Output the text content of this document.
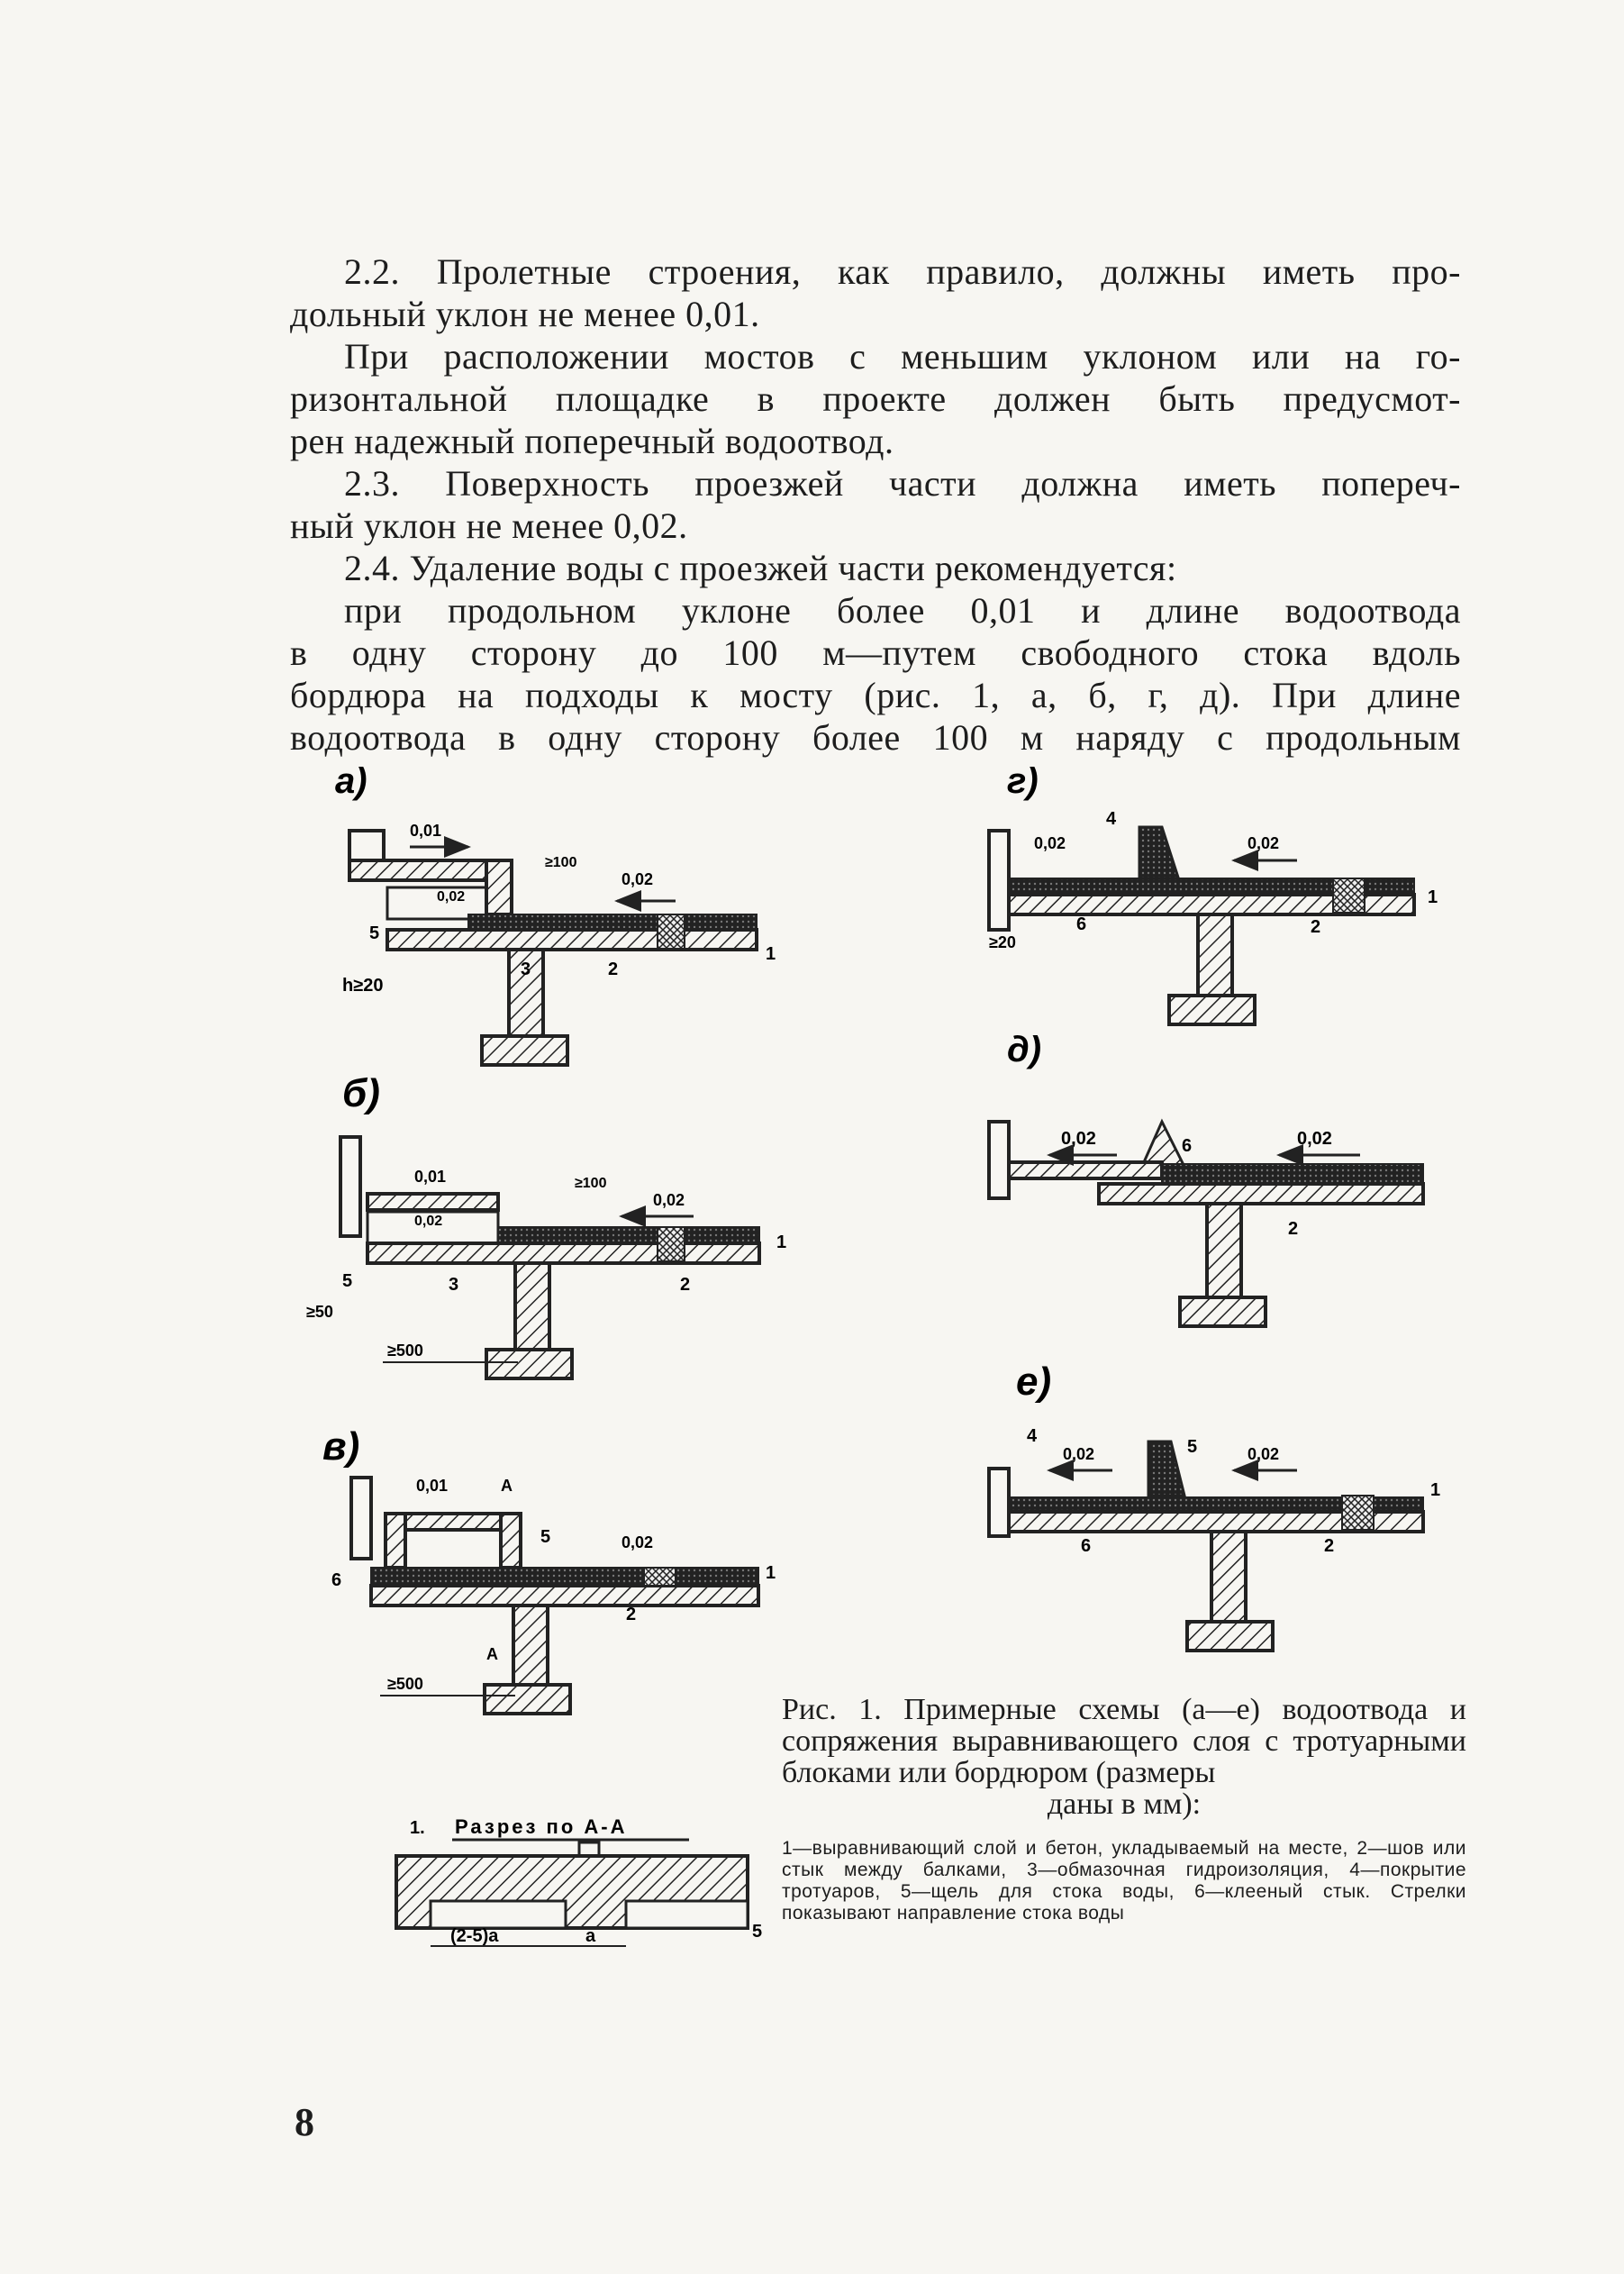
2.2. Пролетные строения, как правило, должны иметь про-

дольный уклон не менее 0,01.

При расположении мостов с меньшим уклоном или на го-

ризонтальной площадке в проекте должен быть предусмот-

рен надежный поперечный водоотвод.

2.3. Поверхность проезжей части должна иметь попереч-

ный уклон не менее 0,02.

2.4. Удаление воды с проезжей части рекомендуется:

при продольном уклоне более 0,01 и длине водоотвода

в одну сторону до 100 м—путем свободного стока вдоль

бордюра на подходы к мосту (рис. 1, а, б, г, д). При длине

водоотвода в одну сторону более 100 м наряду с продольным

а)
0,01
0,02
≥100
0,02
h≥20
3	2
1
5
б)
0,01
0,02
≥100
0,02
5
≥50
≥500
3	2
1
в)
0,01	A
0,02
5
6
2
1
A
≥500
г)
0,02	0,02
4
≥20
6	2
1
д)
0,02	0,02
6
2
е)
0,02	0,02
4
5
6	2
1
1. Разрез по А-А
(2-5)a	a	5
Рис. 1. Примерные схемы (а—е) водоотвода и сопряжения выравнивающего слоя с тротуарными блоками или бордюром (размеры
даны в мм):
1—выравнивающий слой и бетон, укладываемый на месте, 2—шов или стык между балками, 3—обмазочная гидроизоляция, 4—покрытие тротуаров, 5—щель для стока воды, 6—клееный стык. Стрелки показывают направление стока воды
8
